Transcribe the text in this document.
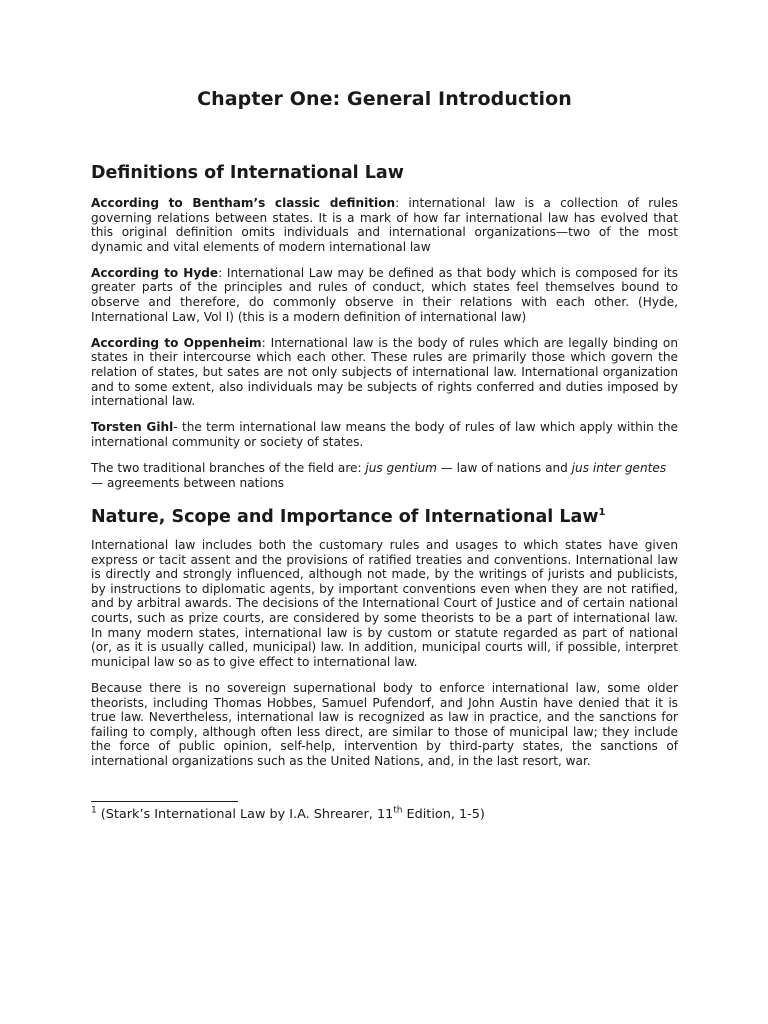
Chapter One: General Introduction
Definitions of International Law

According to Bentham’s classic definition: international law is a collection of rules governing relations between states. It is a mark of how far international law has evolved that this original definition omits individuals and international organizations—two of the most dynamic and vital elements of modern international law

According to Hyde: International Law may be defined as that body which is composed for its greater parts of the principles and rules of conduct, which states feel themselves bound to observe and therefore, do commonly observe in their relations with each other. (Hyde, International Law, Vol I) (this is a modern definition of international law)

According to Oppenheim: International law is the body of rules which are legally binding on states in their intercourse which each other. These rules are primarily those which govern the relation of states, but sates are not only subjects of international law. International organization and to some extent, also individuals may be subjects of rights conferred and duties imposed by international law.

Torsten Gihl- the term international law means the body of rules of law which apply within the international community or society of states.

The two traditional branches of the field are: jus gentium — law of nations and jus inter gentes — agreements between nations

Nature, Scope and Importance of International Law$^1$

International law includes both the customary rules and usages to which states have given express or tacit assent and the provisions of ratified treaties and conventions. International law is directly and strongly influenced, although not made, by the writings of jurists and publicists, by instructions to diplomatic agents, by important conventions even when they are not ratified, and by arbitral awards. The decisions of the International Court of Justice and of certain national courts, such as prize courts, are considered by some theorists to be a part of international law. In many modern states, international law is by custom or statute regarded as part of national (or, as it is usually called, municipal) law. In addition, municipal courts will, if possible, interpret municipal law so as to give effect to international law.

Because there is no sovereign supernational body to enforce international law, some older theorists, including Thomas Hobbes, Samuel Pufendorf, and John Austin have denied that it is true law. Nevertheless, international law is recognized as law in practice, and the sanctions for failing to comply, although often less direct, are similar to those of municipal law; they include the force of public opinion, self-help, intervention by third-party states, the sanctions of international organizations such as the United Nations, and, in the last resort, war.

$^1$ (Stark’s International Law by I.A. Shrearer, 11th Edition, 1-5)
